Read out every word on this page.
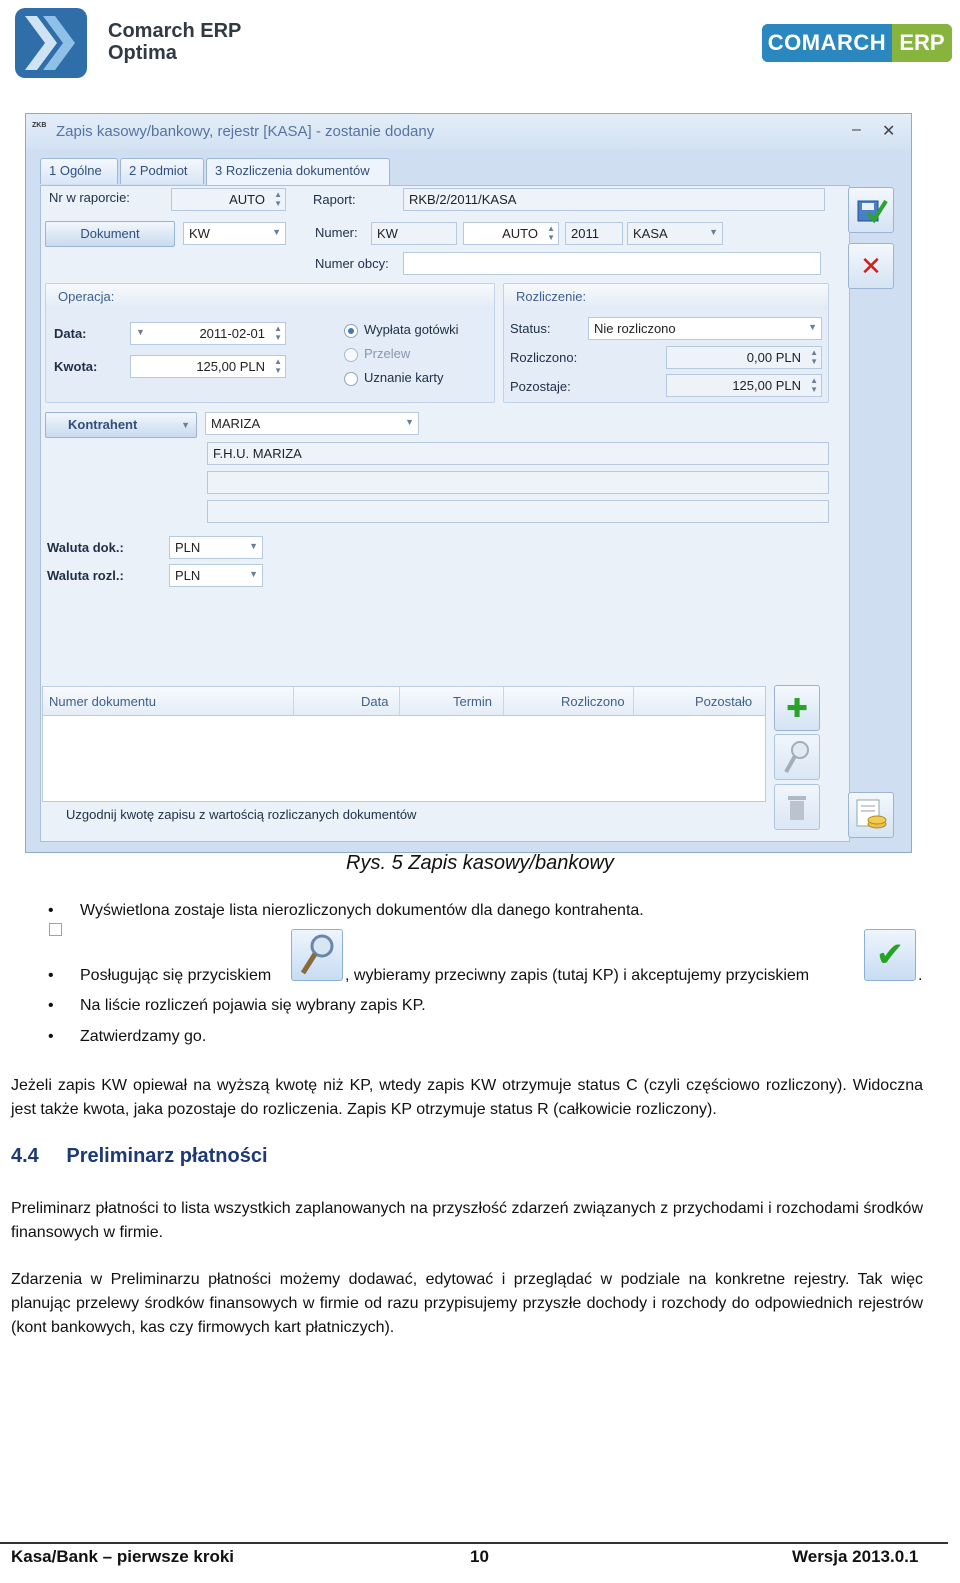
Comarch ERP
Optima	COMARCH ERP
ZKB Zapis kasowy/bankowy, rejestr [KASA] - zostanie dodany	– ✕
1 Ogólne	2 Podmiot	3 Rozliczenia dokumentów
Nr w raporcie:	AUTO ▲
▼ Raport:	RKB/2/2011/KASA
Dokument	KW	▼	Numer:	KW	AUTO ▲
▼	2011	KASA	▼
Numer obcy:
Operacja:
Data:	▼	2011-02-01 ▲
▼
Kwota:	125,00 PLN ▲
▼
Wypłata gotówki
Przelew
Uznanie karty
Rozliczenie:
Status:	Nie rozliczono	▼
Rozliczono:	0,00 PLN ▲
▼
Pozostaje:	125,00 PLN ▲
▼
Kontrahent	▼	MARIZA	▼
F.H.U. MARIZA
Waluta dok.:	PLN	▼
Waluta rozl.:	PLN	▼
Numer dokumentu	Data	Termin	Rozliczono	Pozostało
Uzgodnij kwotę zapisu z wartością rozliczanych dokumentów
✕
✚
Rys. 5 Zapis kasowy/bankowy
• Wyświetlona zostaje lista nierozliczonych dokumentów dla danego kontrahenta.
• Posługując się przyciskiem	, wybieramy przeciwny zapis (tutaj KP) i akceptujemy przyciskiem
✔
.
• Na liście rozliczeń pojawia się wybrany zapis KP.
• Zatwierdzamy go.
Jeżeli zapis KW opiewał na wyższą kwotę niż KP, wtedy zapis KW otrzymuje status C (czyli częściowo rozliczony). Widoczna jest także kwota, jaka pozostaje do rozliczenia. Zapis KP otrzymuje status R (całkowicie rozliczony).
4.4 Preliminarz płatności
Preliminarz płatności to lista wszystkich zaplanowanych na przyszłość zdarzeń związanych z przychodami i rozchodami środków finansowych w firmie.
Zdarzenia w Preliminarzu płatności możemy dodawać, edytować i przeglądać w podziale na konkretne rejestry. Tak więc planując przelewy środków finansowych w firmie od razu przypisujemy przyszłe dochody i rozchody do odpowiednich rejestrów (kont bankowych, kas czy firmowych kart płatniczych).
Kasa/Bank – pierwsze kroki	10	Wersja 2013.0.1
